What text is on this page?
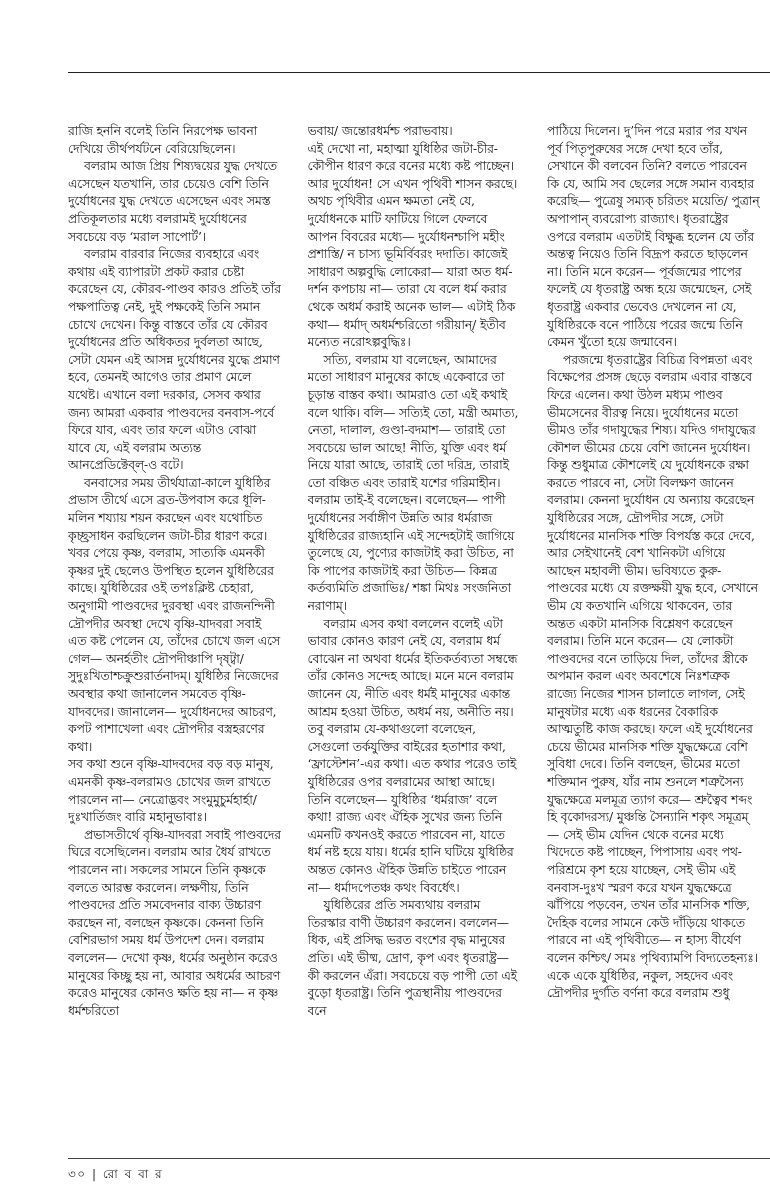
রাজি হননি বলেই তিনি নিরপেক্ষ ভাবনা দেখিয়ে তীর্থপর্যটনে বেরিয়েছিলেন।

বলরাম আজ প্রিয় শিষ্যদ্বয়ের যুদ্ধ দেখতে এসেছেন যতখানি, তার চেয়েও বেশি তিনি দুর্যোধনের যুদ্ধ দেখতে এসেছেন এবং সমস্ত প্রতিকূলতার মধ্যে বলরামই দুর্যোধনের সবচেয়ে বড় ‘মরাল সাপোর্ট’।

বলরাম বারবার নিজের ব্যবহারে এবং কথায় এই ব্যাপারটা প্রকট করার চেষ্টা করেছেন যে, কৌরব-পাণ্ডব কারও প্রতিই তাঁর পক্ষপাতিত্ব নেই, দুই পক্ষকেই তিনি সমান চোখে দেখেন। কিন্তু বাস্তবে তাঁর যে কৌরব দুর্যোধনের প্রতি অধিকতর দুর্বলতা আছে, সেটা যেমন এই আসন্ন দুর্যোধনের যুদ্ধে প্রমাণ হবে, তেমনই আগেও তার প্রমাণ মেলে যথেষ্ট। এখানে বলা দরকার, সেসব কথার জন্য আমরা একবার পাণ্ডবদের বনবাস-পর্বে ফিরে যাব, এবং তার ফলে এটাও বোঝা যাবে যে, এই বলরাম অত্যন্ত আনপ্রেডিক্টেব্‌ল্‌-ও বটে।

বনবাসের সময় তীর্থযাত্রা-কালে যুধিষ্ঠির প্রভাস তীর্থে এসে ব্রত-উপবাস করে ধূলি-মলিন শয্যায় শয়ন করছেন এবং যথোচিত কৃচ্ছ্রসাধন করছিলেন জটা-চীর ধারণ করে। খবর পেয়ে কৃষ্ণ, বলরাম, সাত্যকি এমনকী কৃষ্ণর দুই ছেলেও উপস্থিত হলেন যুধিষ্ঠিরের কাছে। যুধিষ্ঠিরের ওই তপঃক্লিষ্ট চেহারা, অনুগামী পাণ্ডবদের দুরবস্থা এবং রাজনন্দিনী দ্রৌপদীর অবস্থা দেখে বৃষ্ণি-যাদবরা সবাই এত কষ্ট পেলেন যে, তাঁদের চোখে জল এসে গেল— অনর্হতীং দ্রৌপদীঞ্চাপি দৃষ্ট্বা/ সুদুঃখিতাশ্চক্রুশুরার্তনাদম্‌। যুধিষ্ঠির নিজেদের অবস্থার কথা জানালেন সমবেত বৃষ্ণি-যাদবদের। জানালেন— দুর্যোধনদের আচরণ, কপট পাশাখেলা এবং দ্রৌপদীর বস্ত্রহরণের কথা।

সব কথা শুনে বৃষ্ণি-যাদবদের বড় বড় মানুষ, এমনকী কৃষ্ণ-বলরামও চোখের জল রাখতে পারলেন না— নেত্রোদ্ভবং সংমুমুচুর্মহার্হা/ দুঃখার্তিজং বারি মহানুভাবাঃ।

প্রভাসতীর্থে বৃষ্ণি-যাদবরা সবাই পাণ্ডবদের ঘিরে বসেছিলেন। বলরাম আর ধৈর্য রাখতে পারলেন না। সকলের সামনে তিনি কৃষ্ণকে বলতে আরম্ভ করলেন। লক্ষণীয়, তিনি পাণ্ডবদের প্রতি সমবেদনার বাক্য উচ্চারণ করছেন না, বলছেন কৃষ্ণকে। কেননা তিনি বেশিরভাগ সময় ধর্ম উপদেশ দেন। বলরাম বললেন— দেখো কৃষ্ণ, ধর্মের অনুষ্ঠান করেও মানুষের কিচ্ছু হয় না, আবার অধর্মের আচরণ করেও মানুষের কোনও ক্ষতি হয় না— ন কৃষ্ণ ধর্মশ্চরিতো

ভবায়/ জন্তোরধর্মশ্চ পরাভবায়।

এই দেখো না, মহাত্মা যুধিষ্ঠির জটা-চীর-কৌপীন ধারণ করে বনের মধ্যে কষ্ট পাচ্ছেন। আর দুর্যোধন! সে এখন পৃথিবী শাসন করছে। অথচ পৃথিবীর এমন ক্ষমতা নেই যে, দুর্যোধনকে মাটি ফাটিয়ে গিলে ফেলবে আপন বিবরের মধ্যে— দুর্যোধনশ্চাপি মহীং প্রশাস্তি/ ন চাস্য ভূমির্বিবরং দদাতি। কাজেই সাধারণ অল্পবুদ্ধি লোকেরা— যারা অত ধর্ম-দর্শন কপচায় না— তারা যে বলে ধর্ম করার থেকে অধর্ম করাই অনেক ভাল— এটাই ঠিক কথা— ধর্মাদ্‌ অধর্মশ্চরিতো গরীয়ান্‌/ ইতীব মন্যেত নরোঽল্পবুদ্ধিঃ।

সত্যি, বলরাম যা বলেছেন, আমাদের মতো সাধারণ মানুষের কাছে একেবারে তা চূড়ান্ত বাস্তব কথা। আমরাও তো এই কথাই বলে থাকি। বলি— সত্যিই তো, মন্ত্রী অমাত্য, নেতা, দালাল, গুণ্ডা-বদমাশ— তারাই তো সবচেয়ে ভাল আছে! নীতি, যুক্তি এবং ধর্ম নিয়ে যারা আছে, তারাই তো দরিদ্র, তারাই তো বঞ্চিত এবং তারাই যশের গরিমাহীন। বলরাম তাই-ই বলেছেন। বলেছেন— পাপী দুর্যোধনের সর্বাঙ্গীণ উন্নতি আর ধর্মরাজ যুধিষ্ঠিরের রাজ্যহানি এই সন্দেহটাই জাগিয়ে তুলেছে যে, পুণ্যের কাজটাই করা উচিত, না কি পাপের কাজটাই করা উচিত— কিন্নত্র কর্তব্যমিতি প্রজাভিঃ/ শঙ্কা মিথঃ সংজনিতা নরাণাম্‌।

বলরাম এসব কথা বললেন বলেই এটা ভাবার কোনও কারণ নেই যে, বলরাম ধর্ম বোঝেন না অথবা ধর্মের ইতিকর্তব্যতা সম্বন্ধে তাঁর কোনও সন্দেহ আছে। মনে মনে বলরাম জানেন যে, নীতি এবং ধর্মই মানুষের একান্ত আশ্রম হওয়া উচিত, অধর্ম নয়, অনীতি নয়। তবু বলরাম যে-কথাগুলো বলেছেন, সেগুলো তর্কযুক্তির বাইরের হতাশার কথা, ‘ফ্রাস্টেশন’-এর কথা। এত কথার পরেও তাই যুধিষ্ঠিরের ওপর বলরামের আস্থা আছে। তিনি বলেছেন— যুধিষ্ঠির ‘ধর্মরাজ’ বলে কথা! রাজ্য এবং ঐহিক সুখের জন্য তিনি এমনটি কখনওই করতে পারবেন না, যাতে ধর্ম নষ্ট হয়ে যায়। ধর্মের হানি ঘটিয়ে যুধিষ্ঠির অন্তত কোনও ঐহিক উন্নতি চাইতে পারেন না— ধর্মাদপেতঞ্চ কথং বিবর্ধেৎ।

যুধিষ্ঠিরের প্রতি সমব্যথায় বলরাম তিরস্কার বাণী উচ্চারণ করলেন। বললেন— ধিক, এই প্রসিদ্ধ ভরত বংশের বৃদ্ধ মানুষের প্রতি। এই ভীষ্ম, দ্রোণ, কৃপ এবং ধৃতরাষ্ট্র— কী করলেন এঁরা। সবচেয়ে বড় পাপী তো এই বুড়ো ধৃতরাষ্ট্র। তিনি পুত্রস্থানীয় পাণ্ডবদের বনে

পাঠিয়ে দিলেন। দু’দিন পরে মরার পর যখন পূর্ব পিতৃপুরুষের সঙ্গে দেখা হবে তাঁর, সেখানে কী বলবেন তিনি? বলতে পারবেন কি যে, আমি সব ছেলের সঙ্গে সমান ব্যবহার করেছি— পুত্রেষু সম্যক্‌ চরিতং ময়েতি/ পুত্রান্‌ অপাপান্‌ ব্যবরোপ্য রাজ্যাৎ। ধৃতরাষ্ট্রের ওপরে বলরাম এতটাই বিক্ষুব্ধ হলেন যে তাঁর অন্তত্ব নিয়েও তিনি বিদ্রূপ করতে ছাড়লেন না। তিনি মনে করেন— পূর্বজন্মের পাপের ফলেই যে ধৃতরাষ্ট্র অন্ধ হয়ে জন্মেছেন, সেই ধৃতরাষ্ট্র একবার ভেবেও দেখলেন না যে, যুধিষ্ঠিরকে বনে পাঠিয়ে পরের জন্মে তিনি কেমন খুঁতো হয়ে জন্মাবেন।

পরজন্মে ধৃতরাষ্ট্রের বিচিত্র বিপন্নতা এবং বিক্ষেপের প্রসঙ্গ ছেড়ে বলরাম এবার বাস্তবে ফিরে এলেন। কথা উঠল মধ্যম পাণ্ডব ভীমসেনের বীরত্ব নিয়ে। দুর্যোধনের মতো ভীমও তাঁর গদাযুদ্ধের শিষ্য। যদিও গদাযুদ্ধের কৌশল ভীমের চেয়ে বেশি জানেন দুর্যোধন। কিন্তু শুধুমাত্র কৌশলেই যে দুর্যোধনকে রক্ষা করতে পারবে না, সেটা বিলক্ষণ জানেন বলরাম। কেননা দুর্যোধন যে অন্যায় করেছেন যুধিষ্ঠিরের সঙ্গে, দ্রৌপদীর সঙ্গে, সেটা দুর্যোধনের মানসিক শক্তি বিপর্যস্ত করে দেবে, আর সেইখানেই বেশ খানিকটা এগিয়ে আছেন মহাবলী ভীম। ভবিষ্যতে কুরু-পাণ্ডবের মধ্যে যে রক্তক্ষয়ী যুদ্ধ হবে, সেখানে ভীম যে কতখানি এগিয়ে থাকবেন, তার অন্তত একটা মানসিক বিশ্লেষণ করেছেন বলরাম। তিনি মনে করেন— যে লোকটা পাণ্ডবদের বনে তাড়িয়ে দিল, তাঁদের স্ত্রীকে অপমান করল এবং অবশেষে নিঃশত্রুক রাজ্যে নিজের শাসন চালাতে লাগল, সেই মানুষটার মধ্যে এক ধরনের বৈকারিক আত্মতুষ্টি কাজ করছে। ফলে এই দুর্যোধনের চেয়ে ভীমের মানসিক শক্তি যুদ্ধক্ষেত্রে বেশি সুবিধা দেবে। তিনি বলছেন, ভীমের মতো শক্তিমান পুরুষ, যাঁর নাম শুনলে শত্রুসৈন্য যুদ্ধক্ষেত্রে মলমূত্র ত্যাগ করে— শ্রুত্বৈব শব্দং হি বৃকোদরস্য/ মুঞ্চন্তি সৈন্যানি শকৃৎ সমূত্রম্‌— সেই ভীম যেদিন থেকে বনের মধ্যে খিদেতে কষ্ট পাচ্ছেন, পিপাসায় এবং পথ-পরিশ্রমে কৃশ হয়ে যাচ্ছেন, সেই ভীম এই বনবাস-দুঃখ স্মরণ করে যখন যুদ্ধক্ষেত্রে ঝাঁপিয়ে পড়বেন, তখন তাঁর মানসিক শক্তি, দৈহিক বলের সামনে কেউ দাঁড়িয়ে থাকতে পারবে না এই পৃথিবীতে— ন হাস্য বীর্যেণ বলেন কশ্চিৎ/ সমঃ পৃথিব্যামপি বিদ্যতেহন্যঃ। একে একে যুধিষ্ঠির, নকুল, সহদেব এবং দ্রৌপদীর দুর্গতি বর্ণনা করে বলরাম শুধু

৩০ | রো ব বা র
